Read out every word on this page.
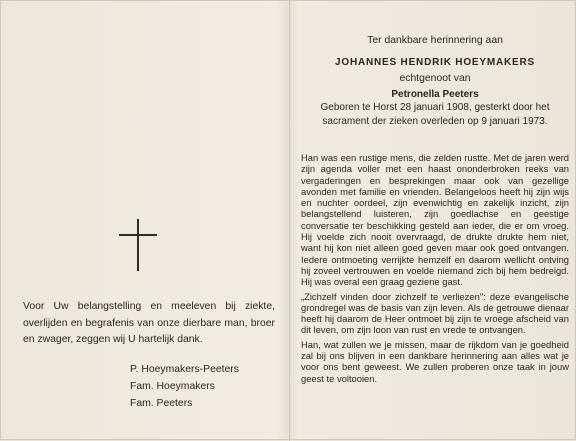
Voor Uw belangstelling en meeleven bij ziekte, overlijden en begrafenis van onze dierbare man, broer en zwager, zeggen wij U hartelijk dank.

P. Hoeymakers-Peeters
Fam. Hoeymakers
Fam. Peeters
Ter dankbare herinnering aan
JOHANNES HENDRIK HOEYMAKERS
echtgenoot van
Petronella Peeters

Geboren te Horst 28 januari 1908, gesterkt door het sacrament der zieken overleden op 9 januari 1973.

Han was een rustige mens, die zelden rustte. Met de jaren werd zijn agenda voller met een haast ononderbroken reeks van vergaderingen en besprekingen maar ook van gezellige avonden met familie en vrienden. Belangeloos heeft hij zijn wijs en nuchter oordeel, zijn evenwichtig en zakelijk inzicht, zijn belangstellend luisteren, zijn goedlachse en geestige conversatie ter beschikking gesteld aan ieder, die er om vroeg. Hij voelde zich nooit overvraagd, de drukte drukte hem niet, want hij kon niet alleen goed geven maar ook goed ontvangen. Iedere ontmoeting verrijkte hemzelf en daarom wellicht ontving hij zoveel vertrouwen en voelde niemand zich bij hem bedreigd. Hij was overal een graag geziene gast.

„Zichzelf vinden door zichzelf te verliezen": deze evangelische grondregel was de basis van zijn leven. Als de getrouwe dienaar heeft hij daarom de Heer ontmoet bij zijn te vroege afscheid van dit leven, om zijn loon van rust en vrede te ontvangen.

Han, wat zullen we je missen, maar de rijkdom van je goedheid zal bij ons blijven in een dankbare herinnering aan alles wat je voor ons bent geweest. We zullen proberen onze taak in jouw geest te voltooien.
